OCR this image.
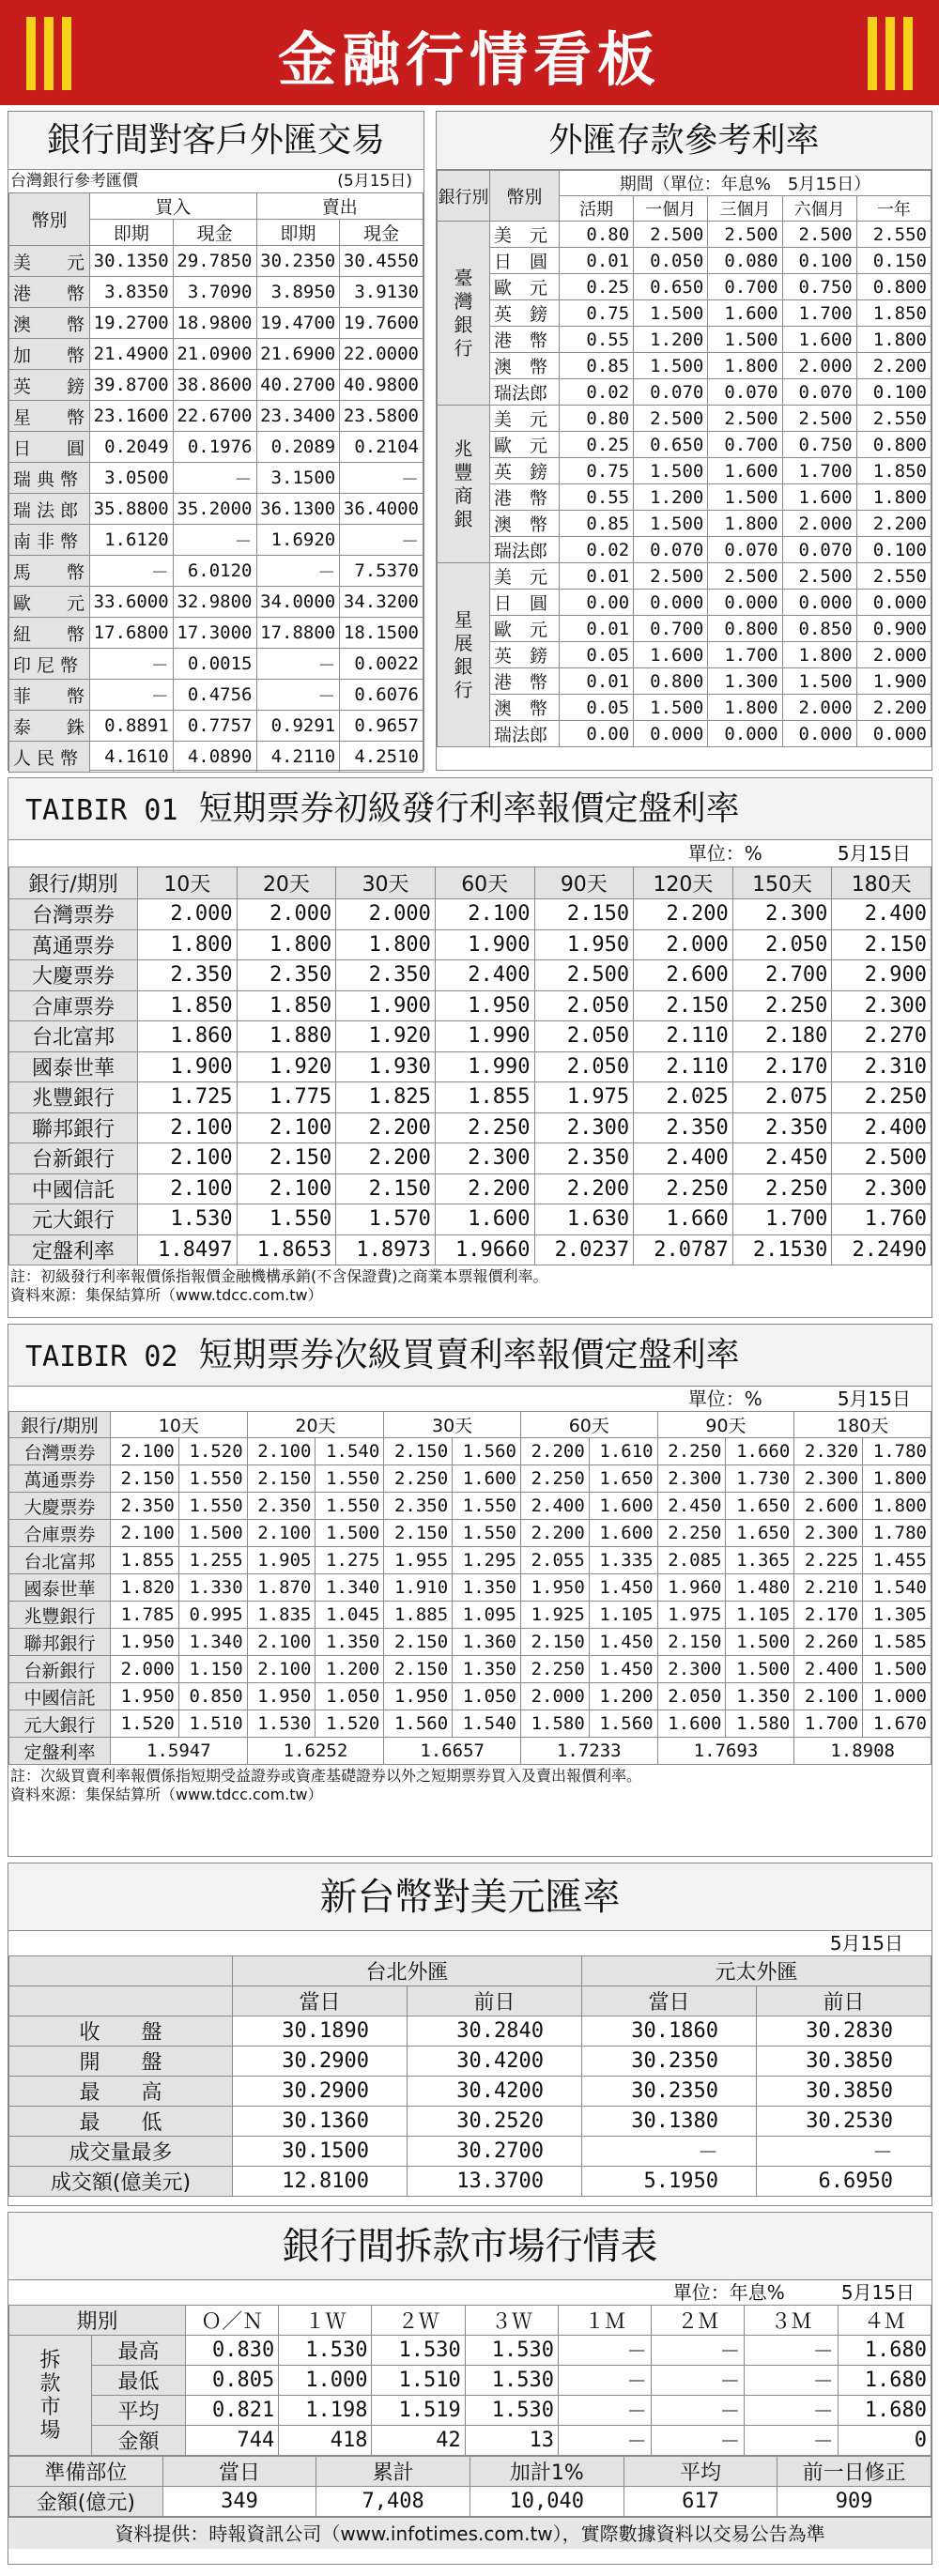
金融行情看板
銀行間對客戶外匯交易
台灣銀行參考匯價	(5月15日)
幣別	買入		賣出	
	即期	現金	即期	現金
美　　元	30.1350	29.7850	30.2350	30.4550
港　　幣	3.8350	3.7090	3.8950	3.9130
澳　　幣	19.2700	18.9800	19.4700	19.7600
加　　幣	21.4900	21.0900	21.6900	22.0000
英　　鎊	39.8700	38.8600	40.2700	40.9800
星　　幣	23.1600	22.6700	23.3400	23.5800
日　　圓	0.2049	0.1976	0.2089	0.2104
瑞 典 幣	3.0500	－	3.1500	－
瑞 法 郎	35.8800	35.2000	36.1300	36.4000
南 非 幣	1.6120	－	1.6920	－
馬　　幣	－	6.0120	－	7.5370
歐　　元	33.6000	32.9800	34.0000	34.3200
紐　　幣	17.6800	17.3000	17.8800	18.1500
印 尼 幣	－	0.0015	－	0.0022
菲　　幣	－	0.4756	－	0.6076
泰　　銖	0.8891	0.7757	0.9291	0.9657
人 民 幣	4.1610	4.0890	4.2110	4.2510
外匯存款參考利率
銀行別	幣別	期間（單位：年息%　5月15日）				
		活期	一個月	三個月	六個月	一年
臺灣銀行	美　元	0.80	2.500	2.500	2.500	2.550
	日　圓	0.01	0.050	0.080	0.100	0.150
	歐　元	0.25	0.650	0.700	0.750	0.800
	英　鎊	0.75	1.500	1.600	1.700	1.850
	港　幣	0.55	1.200	1.500	1.600	1.800
	澳　幣	0.85	1.500	1.800	2.000	2.200
	瑞法郎	0.02	0.070	0.070	0.070	0.100
兆豐商銀	美　元	0.80	2.500	2.500	2.500	2.550
	歐　元	0.25	0.650	0.700	0.750	0.800
	英　鎊	0.75	1.500	1.600	1.700	1.850
	港　幣	0.55	1.200	1.500	1.600	1.800
	澳　幣	0.85	1.500	1.800	2.000	2.200
	瑞法郎	0.02	0.070	0.070	0.070	0.100
星展銀行	美　元	0.01	2.500	2.500	2.500	2.550
	日　圓	0.00	0.000	0.000	0.000	0.000
	歐　元	0.01	0.700	0.800	0.850	0.900
	英　鎊	0.05	1.600	1.700	1.800	2.000
	港　幣	0.01	0.800	1.300	1.500	1.900
	澳　幣	0.05	1.500	1.800	2.000	2.200
	瑞法郎	0.00	0.000	0.000	0.000	0.000
TAIBIR 01 短期票券初級發行利率報價定盤利率
單位：%	5月15日
銀行/期別	10天	20天	30天	60天	90天	120天	150天	180天
台灣票券	2.000	2.000	2.000	2.100	2.150	2.200	2.300	2.400
萬通票券	1.800	1.800	1.800	1.900	1.950	2.000	2.050	2.150
大慶票券	2.350	2.350	2.350	2.400	2.500	2.600	2.700	2.900
合庫票券	1.850	1.850	1.900	1.950	2.050	2.150	2.250	2.300
台北富邦	1.860	1.880	1.920	1.990	2.050	2.110	2.180	2.270
國泰世華	1.900	1.920	1.930	1.990	2.050	2.110	2.170	2.310
兆豐銀行	1.725	1.775	1.825	1.855	1.975	2.025	2.075	2.250
聯邦銀行	2.100	2.100	2.200	2.250	2.300	2.350	2.350	2.400
台新銀行	2.100	2.150	2.200	2.300	2.350	2.400	2.450	2.500
中國信託	2.100	2.100	2.150	2.200	2.200	2.250	2.250	2.300
元大銀行	1.530	1.550	1.570	1.600	1.630	1.660	1.700	1.760
定盤利率	1.8497	1.8653	1.8973	1.9660	2.0237	2.0787	2.1530	2.2490
註：初級發行利率報價係指報價金融機構承銷(不含保證費)之商業本票報價利率。
資料來源：集保結算所（www.tdcc.com.tw）
TAIBIR 02 短期票券次級買賣利率報價定盤利率
單位：%	5月15日
銀行/期別	10天		20天		30天		60天		90天		180天	
台灣票券	2.100	1.520	2.100	1.540	2.150	1.560	2.200	1.610	2.250	1.660	2.320	1.780
萬通票券	2.150	1.550	2.150	1.550	2.250	1.600	2.250	1.650	2.300	1.730	2.300	1.800
大慶票券	2.350	1.550	2.350	1.550	2.350	1.550	2.400	1.600	2.450	1.650	2.600	1.800
合庫票券	2.100	1.500	2.100	1.500	2.150	1.550	2.200	1.600	2.250	1.650	2.300	1.780
台北富邦	1.855	1.255	1.905	1.275	1.955	1.295	2.055	1.335	2.085	1.365	2.225	1.455
國泰世華	1.820	1.330	1.870	1.340	1.910	1.350	1.950	1.450	1.960	1.480	2.210	1.540
兆豐銀行	1.785	0.995	1.835	1.045	1.885	1.095	1.925	1.105	1.975	1.105	2.170	1.305
聯邦銀行	1.950	1.340	2.100	1.350	2.150	1.360	2.150	1.450	2.150	1.500	2.260	1.585
台新銀行	2.000	1.150	2.100	1.200	2.150	1.350	2.250	1.450	2.300	1.500	2.400	1.500
中國信託	1.950	0.850	1.950	1.050	1.950	1.050	2.000	1.200	2.050	1.350	2.100	1.000
元大銀行	1.520	1.510	1.530	1.520	1.560	1.540	1.580	1.560	1.600	1.580	1.700	1.670
定盤利率	1.5947		1.6252		1.6657		1.7233		1.7693		1.8908	
註：次級買賣利率報價係指短期受益證券或資產基礎證券以外之短期票券買入及賣出報價利率。
資料來源：集保結算所（www.tdcc.com.tw）
新台幣對美元匯率
5月15日
	台北外匯		元太外匯	
	當日	前日	當日	前日
收　　盤	30.1890	30.2840	30.1860	30.2830
開　　盤	30.2900	30.4200	30.2350	30.3850
最　　高	30.2900	30.4200	30.2350	30.3850
最　　低	30.1360	30.2520	30.1380	30.2530
成交量最多	30.1500	30.2700	－	－
成交額(億美元)	12.8100	13.3700	5.1950	6.6950
銀行間拆款市場行情表
單位：年息%	5月15日
期別		Ｏ／Ｎ	１Ｗ	２Ｗ	３Ｗ	１Ｍ	２Ｍ	３Ｍ	４Ｍ
拆款市場	最高	0.830	1.530	1.530	1.530	－	－	－	1.680
	最低	0.805	1.000	1.510	1.530	－	－	－	1.680
	平均	0.821	1.198	1.519	1.530	－	－	－	1.680
	金額	744	418	42	13	－	－	－	0
準備部位	當日	累計	加計1%	平均	前一日修正
金額(億元)	349	7,408	10,040	617	909
資料提供：時報資訊公司（www.infotimes.com.tw），實際數據資料以交易公告為準
